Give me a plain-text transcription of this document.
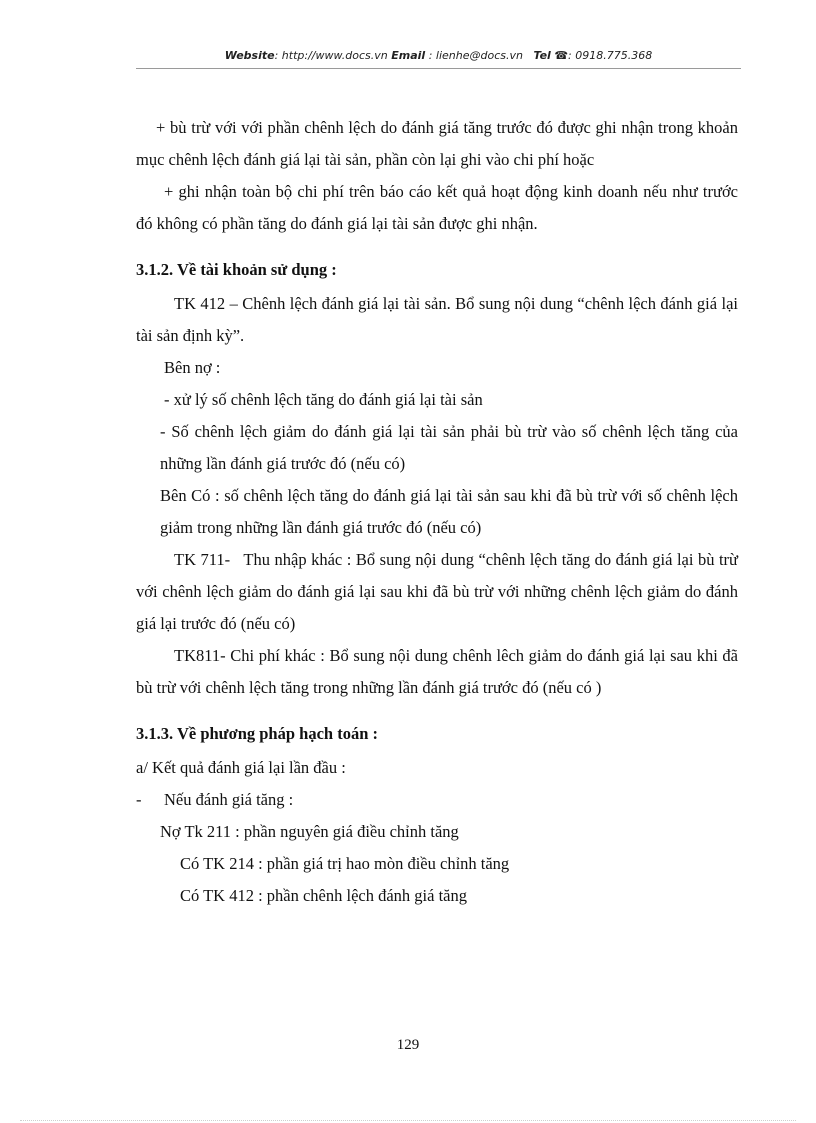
Website: http://www.docs.vn Email : lienhe@docs.vn Tel ☎: 0918.775.368

+ bù trừ với với phần chênh lệch do đánh giá tăng trước đó được ghi nhận trong khoản mục chênh lệch đánh giá lại tài sản, phần còn lại ghi vào chi phí hoặc

+ ghi nhận toàn bộ chi phí trên báo cáo kết quả hoạt động kinh doanh nếu như trước đó không có phần tăng do đánh giá lại tài sản được ghi nhận.

3.1.2. Về tài khoản sử dụng :

TK 412 – Chênh lệch đánh giá lại tài sản. Bổ sung nội dung “chênh lệch đánh giá lại tài sản định kỳ”.

Bên nợ :

- xử lý số chênh lệch tăng do đánh giá lại tài sản

- Số chênh lệch giảm do đánh giá lại tài sản phải bù trừ vào số chênh lệch tăng của những lần đánh giá trước đó (nếu có)

Bên Có : số chênh lệch tăng do đánh giá lại tài sản sau khi đã bù trừ với số chênh lệch giảm trong những lần đánh giá trước đó (nếu có)

TK 711-   Thu nhập khác : Bổ sung nội dung “chênh lệch tăng do đánh giá lại bù trừ với chênh lệch giảm do đánh giá lại sau khi đã bù trừ với những chênh lệch giảm do đánh giá lại trước đó (nếu có)

TK811- Chi phí khác : Bổ sung nội dung chênh lêch giảm do đánh giá lại sau khi đã bù trừ với chênh lệch tăng trong những lần đánh giá trước đó (nếu có )

3.1.3. Về phương pháp hạch toán :

a/ Kết quả đánh giá lại lần đầu :

-	Nếu đánh giá tăng :

Nợ Tk 211 : phần nguyên giá điều chỉnh tăng

Có TK 214 : phần giá trị hao mòn điều chỉnh tăng

Có TK 412 : phần chênh lệch đánh giá tăng

129
